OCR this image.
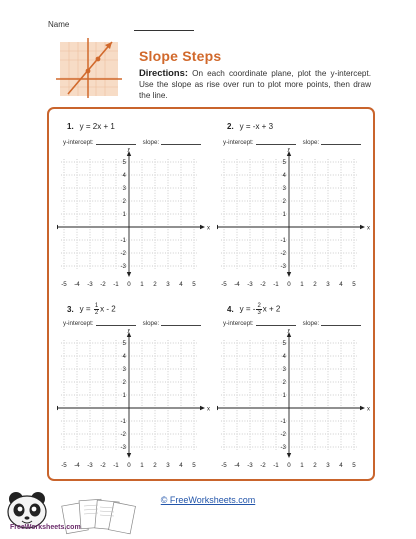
Name
Slope Steps
Directions: On each coordinate plane, plot the y-intercept. Use the slope as rise over run to plot more points, then draw the line.
1. y = 2x + 1
y-intercept:	slope:
x
y
-5 -4 -3 -2 -1 0 1 2 3 4 5
5
4
3
2
1
-1
-2
-3
2. y = -x + 3
y-intercept:	slope:
x
y
-5 -4 -3 -2 -1 0 1 2 3 4 5
5
4
3
2
1
-1
-2
-3
3. $y = \frac{1}{2}$ x - 2
y-intercept:	slope:
x
y
-5 -4 -3 -2 -1 0 1 2 3 4 5
5
4
3
2
1
-1
-2
-3
4. y = - $\frac{2}{3}$ x + 2
y-intercept:	slope:
x
y
-5 -4 -3 -2 -1 0 1 2 3 4 5
5
4
3
2
1
-1
-2
-3
FreeWorksheets.com
© FreeWorksheets.com
